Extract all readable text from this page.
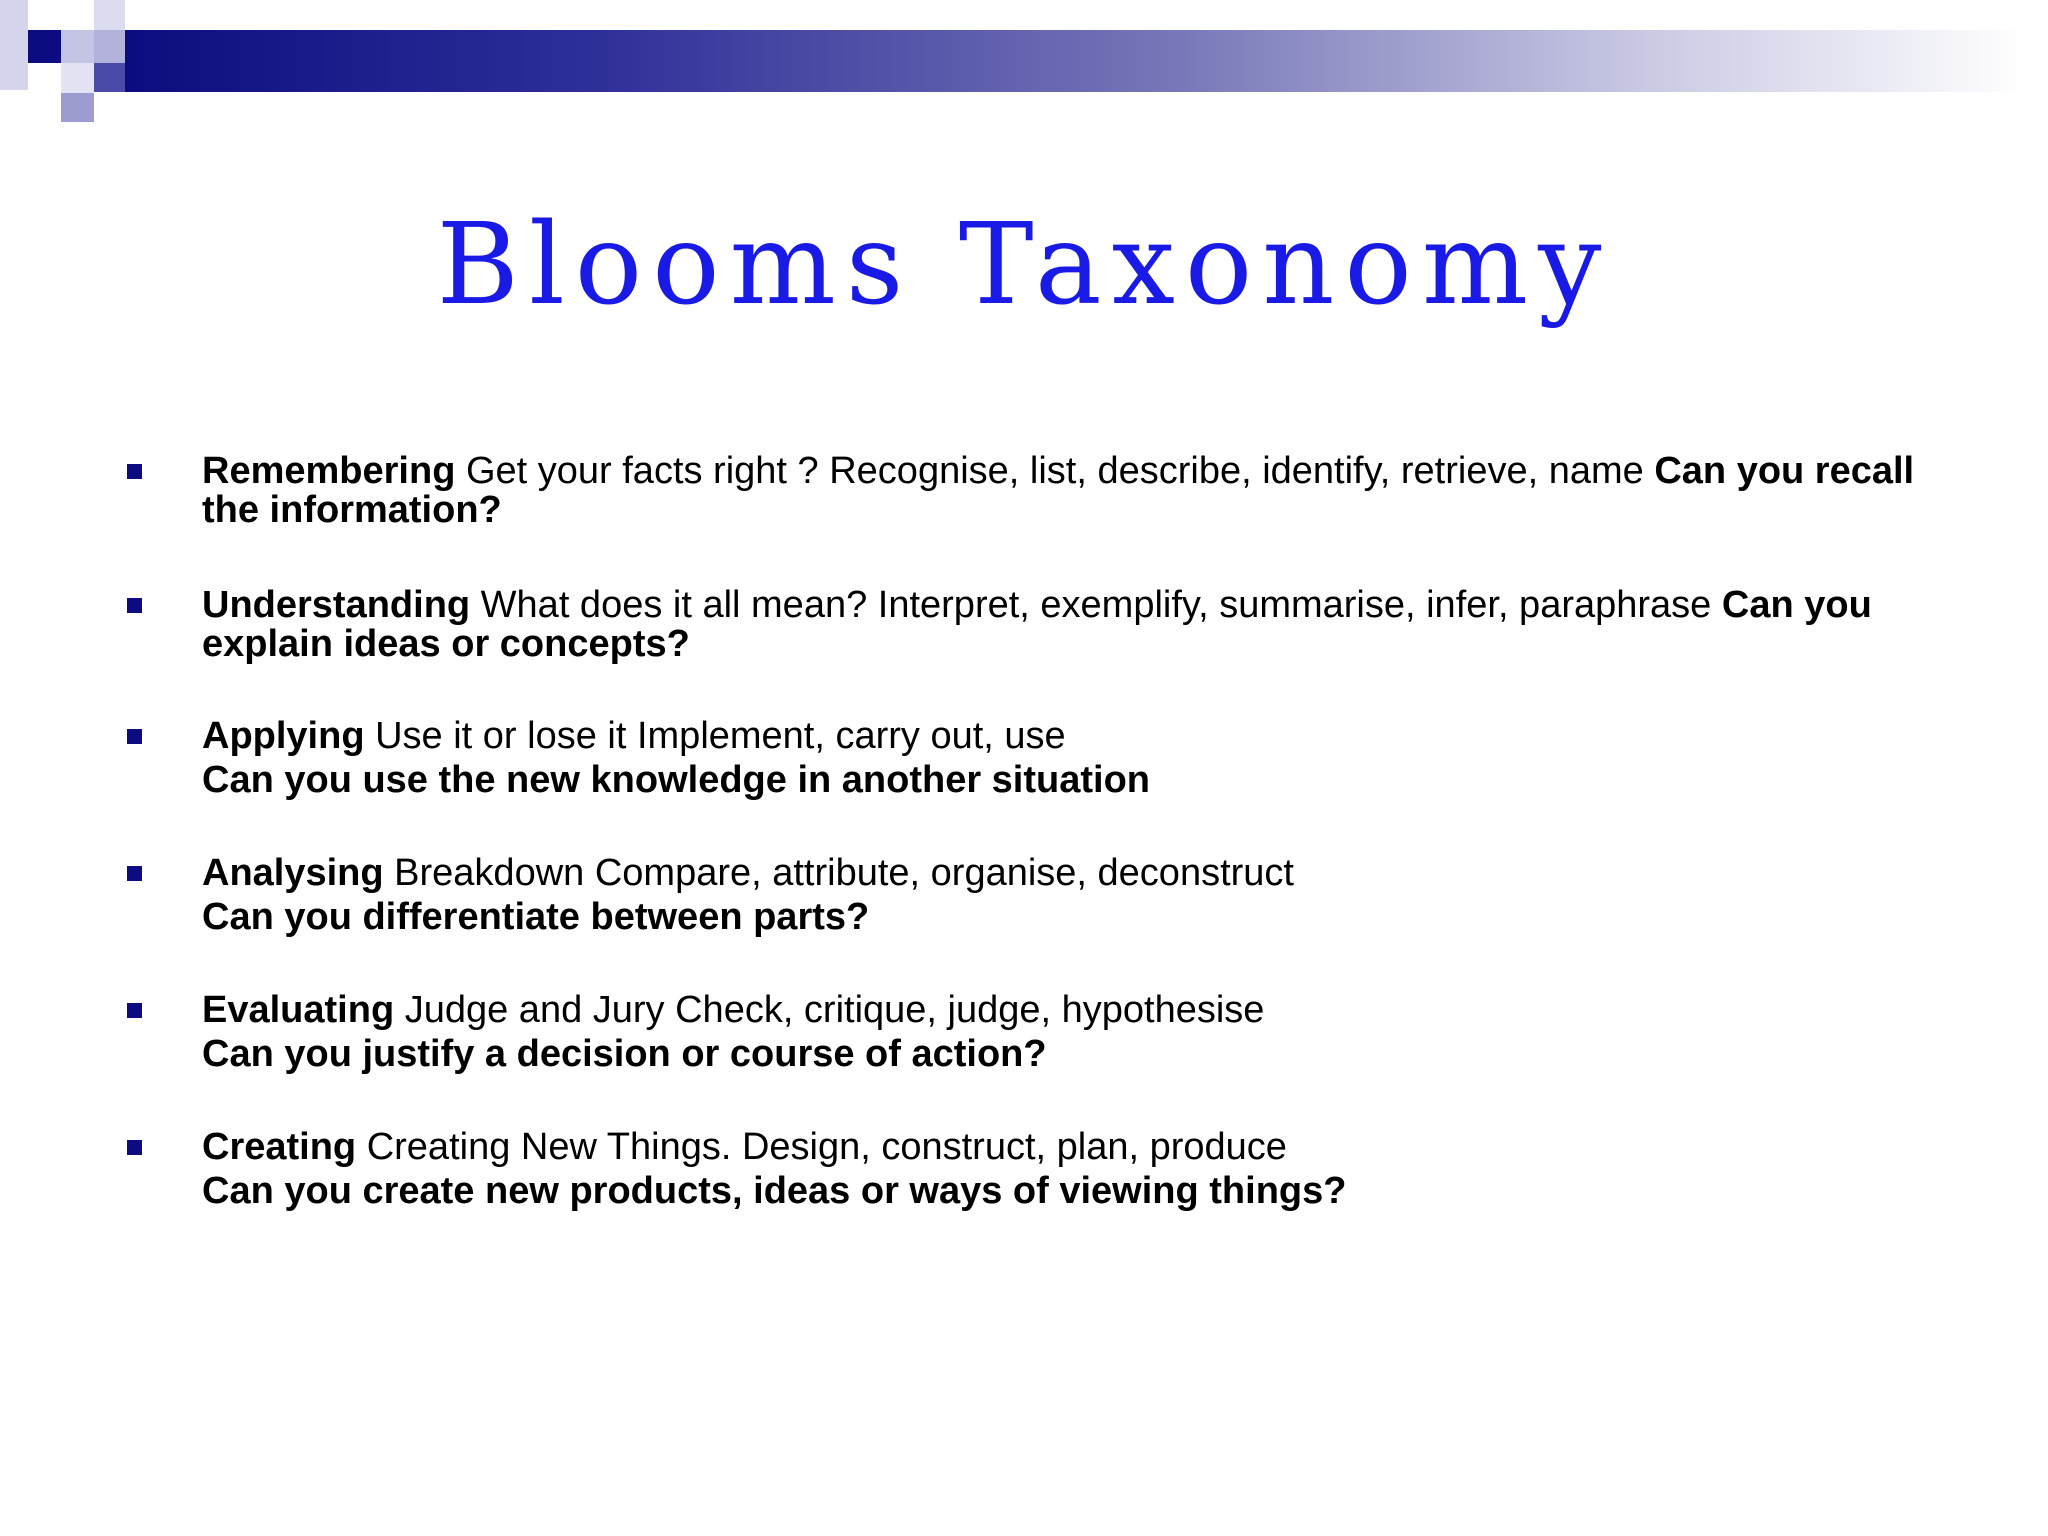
Blooms Taxonomy
Remembering Get your facts right ? Recognise, list, describe, identify, retrieve, name Can you recall the information?
Understanding What does it all mean? Interpret, exemplify, summarise, infer, paraphrase Can you explain ideas or concepts?
Applying Use it or lose it Implement, carry out, use
Can you use the new knowledge in another situation
Analysing Breakdown Compare, attribute, organise, deconstruct
Can you differentiate between parts?
Evaluating Judge and Jury Check, critique, judge, hypothesise
Can you justify a decision or course of action?
Creating Creating New Things. Design, construct, plan, produce
Can you create new products, ideas or ways of viewing things?
